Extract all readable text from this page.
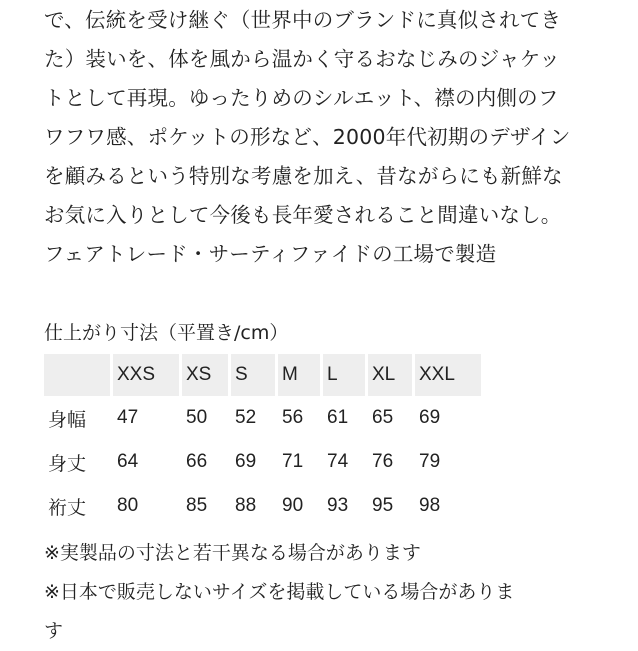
で、伝統を受け継ぐ（世界中のブランドに真似されてき
た）装いを、体を風から温かく守るおなじみのジャケッ
トとして再現。ゆったりめのシルエット、襟の内側のフ
ワフワ感、ポケットの形など、2000年代初期のデザイン
を顧みるという特別な考慮を加え、昔ながらにも新鮮な
お気に入りとして今後も長年愛されること間違いなし。
フェアトレード・サーティファイドの工場で製造
仕上がり寸法（平置き/cm）
	XXS	XS	S	M	L	XL	XXL
身幅	47	50	52	56	61	65	69
身丈	64	66	69	71	74	76	79
裄丈	80	85	88	90	93	95	98
※実製品の寸法と若干異なる場合があります
※日本で販売しないサイズを掲載している場合がありま
す
